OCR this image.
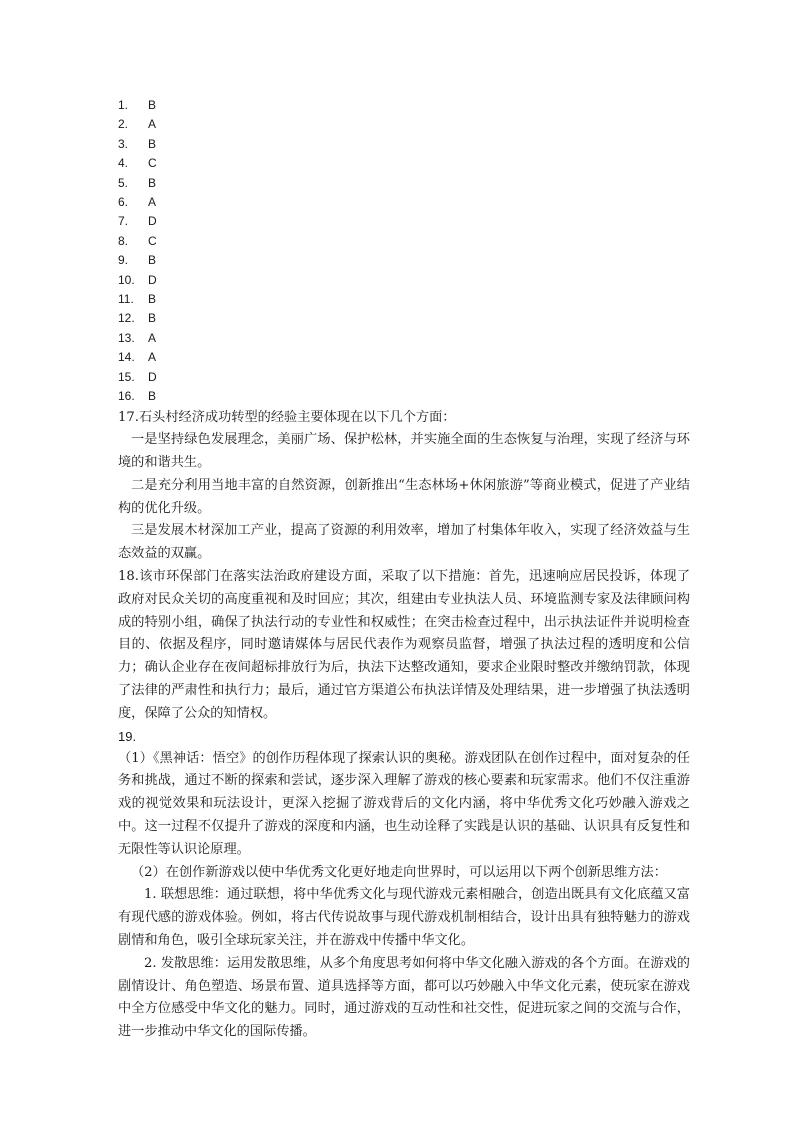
1. B
2. A
3. B
4. C
5. B
6. A
7. D
8. C
9. B
10. D
11. B
12. B
13. A
14. A
15. D
16. B

17.石头村经济成功转型的经验主要体现在以下几个方面：

一是坚持绿色发展理念，美丽广场、保护松林，并实施全面的生态恢复与治理，实现了经济与环境的和谐共生。

二是充分利用当地丰富的自然资源，创新推出“生态林场+休闲旅游”等商业模式，促进了产业结构的优化升级。

三是发展木材深加工产业，提高了资源的利用效率，增加了村集体年收入，实现了经济效益与生态效益的双赢。

18.该市环保部门在落实法治政府建设方面，采取了以下措施：首先，迅速响应居民投诉，体现了政府对民众关切的高度重视和及时回应；其次，组建由专业执法人员、环境监测专家及法律顾问构成的特别小组，确保了执法行动的专业性和权威性；在突击检查过程中，出示执法证件并说明检查目的、依据及程序，同时邀请媒体与居民代表作为观察员监督，增强了执法过程的透明度和公信力；确认企业存在夜间超标排放行为后，执法下达整改通知，要求企业限时整改并缴纳罚款，体现了法律的严肃性和执行力；最后，通过官方渠道公布执法详情及处理结果，进一步增强了执法透明度，保障了公众的知情权。

19.

（1）《黑神话：悟空》的创作历程体现了探索认识的奥秘。游戏团队在创作过程中，面对复杂的任务和挑战，通过不断的探索和尝试，逐步深入理解了游戏的核心要素和玩家需求。他们不仅注重游戏的视觉效果和玩法设计，更深入挖掘了游戏背后的文化内涵，将中华优秀文化巧妙融入游戏之中。这一过程不仅提升了游戏的深度和内涵，也生动诠释了实践是认识的基础、认识具有反复性和无限性等认识论原理。

（2）在创作新游戏以使中华优秀文化更好地走向世界时，可以运用以下两个创新思维方法：

1. 联想思维：通过联想，将中华优秀文化与现代游戏元素相融合，创造出既具有文化底蕴又富有现代感的游戏体验。例如，将古代传说故事与现代游戏机制相结合，设计出具有独特魅力的游戏剧情和角色，吸引全球玩家关注，并在游戏中传播中华文化。

2. 发散思维：运用发散思维，从多个角度思考如何将中华文化融入游戏的各个方面。在游戏的剧情设计、角色塑造、场景布置、道具选择等方面，都可以巧妙融入中华文化元素，使玩家在游戏中全方位感受中华文化的魅力。同时，通过游戏的互动性和社交性，促进玩家之间的交流与合作，进一步推动中华文化的国际传播。
